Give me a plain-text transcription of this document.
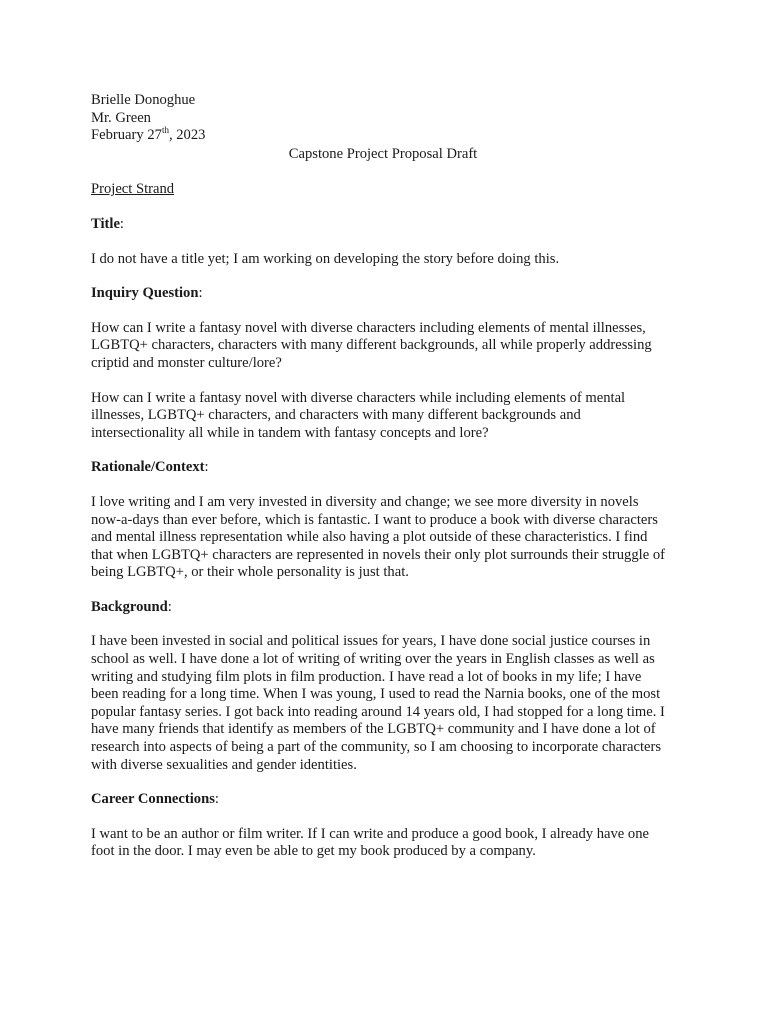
Brielle Donoghue
Mr. Green
February 27th, 2023
Capstone Project Proposal Draft
Project Strand
Title:

I do not have a title yet; I am working on developing the story before doing this.

Inquiry Question:

How can I write a fantasy novel with diverse characters including elements of mental illnesses, LGBTQ+ characters, characters with many different backgrounds, all while properly addressing criptid and monster culture/lore?

How can I write a fantasy novel with diverse characters while including elements of mental illnesses, LGBTQ+ characters, and characters with many different backgrounds and intersectionality all while in tandem with fantasy concepts and lore?

Rationale/Context:

I love writing and I am very invested in diversity and change; we see more diversity in novels now-a-days than ever before, which is fantastic. I want to produce a book with diverse characters and mental illness representation while also having a plot outside of these characteristics. I find that when LGBTQ+ characters are represented in novels their only plot surrounds their struggle of being LGBTQ+, or their whole personality is just that.

Background:

I have been invested in social and political issues for years, I have done social justice courses in school as well. I have done a lot of writing of writing over the years in English classes as well as writing and studying film plots in film production. I have read a lot of books in my life; I have been reading for a long time. When I was young, I used to read the Narnia books, one of the most popular fantasy series. I got back into reading around 14 years old, I had stopped for a long time. I have many friends that identify as members of the LGBTQ+ community and I have done a lot of research into aspects of being a part of the community, so I am choosing to incorporate characters with diverse sexualities and gender identities.

Career Connections:

I want to be an author or film writer. If I can write and produce a good book, I already have one foot in the door. I may even be able to get my book produced by a company.
